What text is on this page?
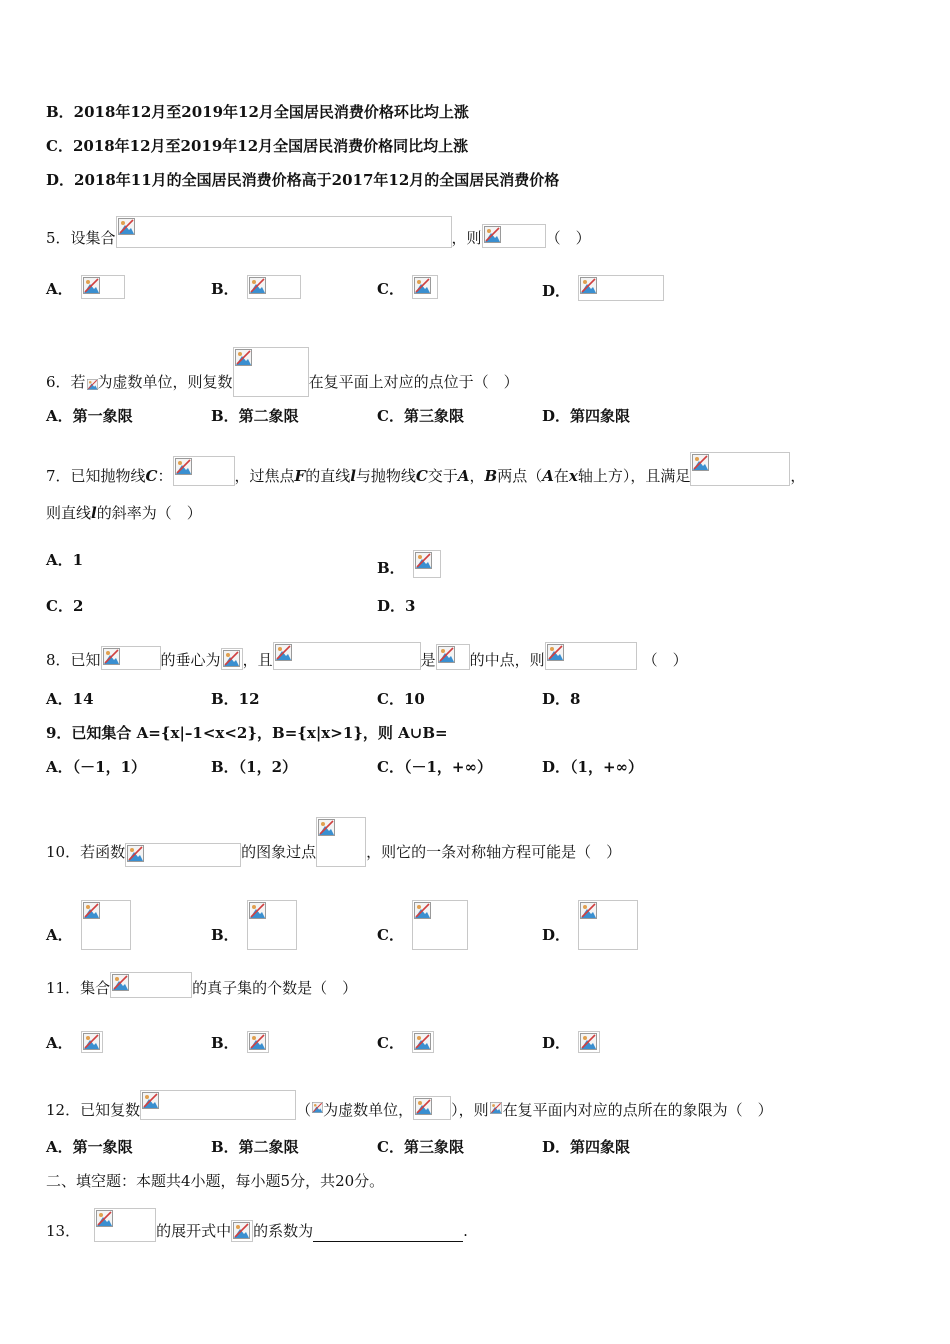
B．2018年12月至2019年12月全国居民消费价格环比均上涨
C．2018年12月至2019年12月全国居民消费价格同比均上涨
D．2018年11月的全国居民消费价格高于2017年12月的全国居民消费价格
5．设集合	，则	（　）
A．	B．	C．	D．
6．若 为虚数单位，则复数	在复平面上对应的点位于（　）
A．第一象限	B．第二象限	C．第三象限	D．第四象限
7．已知抛物线C：	，过焦点F的直线l与抛物线C交于A，B两点（A在x轴上方），且满足	，
则直线l的斜率为（　）
A．1	B．
C．2	D．3
8．已知	的垂心为 ，且	是 的中点，则	（　）
A．14	B．12	C．10	D．8
9．已知集合 A={x|–1<x<2}，B={x|x>1}，则 A∪B=
A．（－1，1）	B．（1，2）	C．（－1，+∞）	D．（1，+∞）
10．若函数	的图象过点	，则它的一条对称轴方程可能是（　）
A．	B．	C．	D．
11．集合	的真子集的个数是（　）
A．	B．	C．	D．
12．已知复数	（ 为虚数单位，	），则 在复平面内对应的点所在的象限为（　）
A．第一象限	B．第二象限	C．第三象限	D．第四象限
二、填空题：本题共4小题，每小题5分，共20分。
13．	的展开式中 的系数为	.
